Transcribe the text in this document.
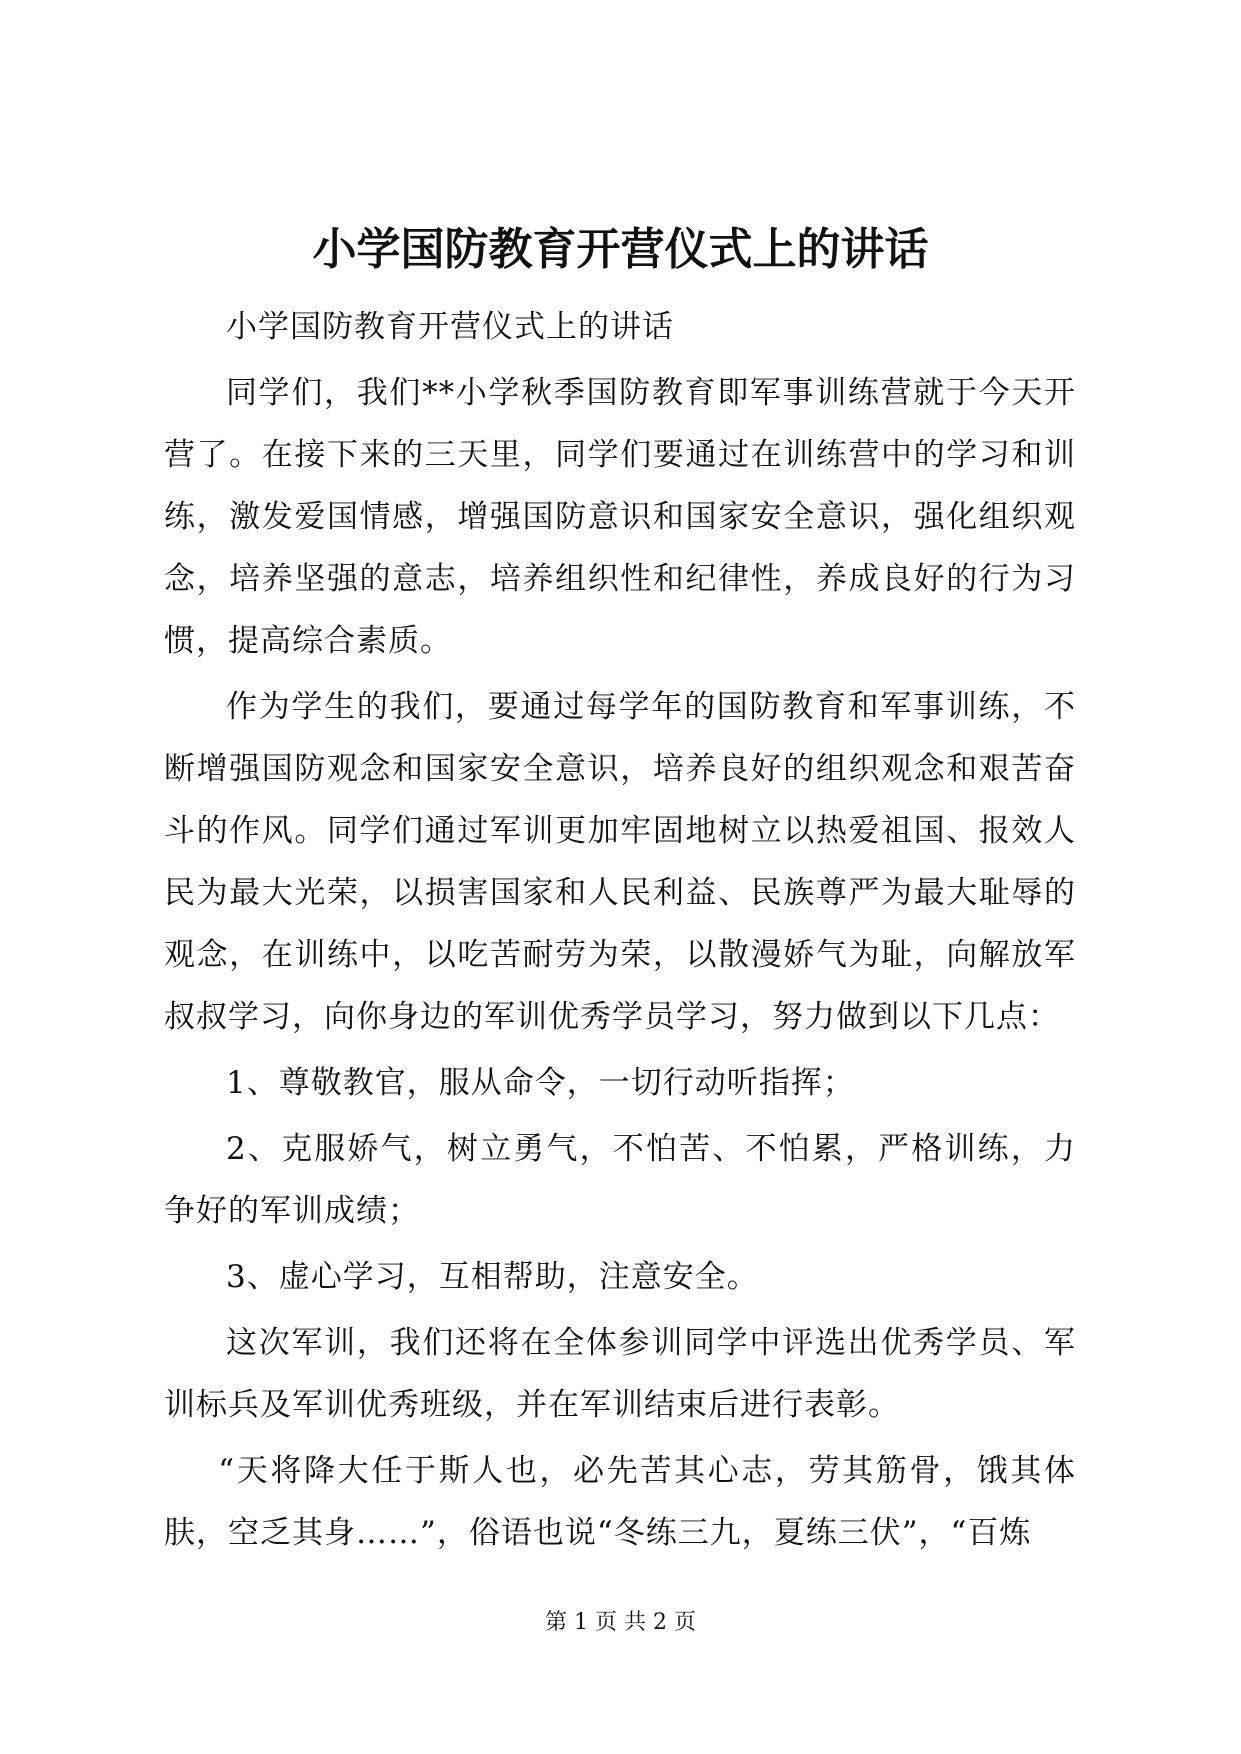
小学国防教育开营仪式上的讲话

小学国防教育开营仪式上的讲话

同学们，我们**小学秋季国防教育即军事训练营就于今天开营了。在接下来的三天里，同学们要通过在训练营中的学习和训练，激发爱国情感，增强国防意识和国家安全意识，强化组织观念，培养坚强的意志，培养组织性和纪律性，养成良好的行为习惯，提高综合素质。

作为学生的我们，要通过每学年的国防教育和军事训练，不断增强国防观念和国家安全意识，培养良好的组织观念和艰苦奋斗的作风。同学们通过军训更加牢固地树立以热爱祖国、报效人民为最大光荣，以损害国家和人民利益、民族尊严为最大耻辱的观念，在训练中，以吃苦耐劳为荣，以散漫娇气为耻，向解放军叔叔学习，向你身边的军训优秀学员学习，努力做到以下几点：

1、尊敬教官，服从命令，一切行动听指挥；

2、克服娇气，树立勇气，不怕苦、不怕累，严格训练，力争好的军训成绩；

3、虚心学习，互相帮助，注意安全。

这次军训，我们还将在全体参训同学中评选出优秀学员、军训标兵及军训优秀班级，并在军训结束后进行表彰。

“天将降大任于斯人也，必先苦其心志，劳其筋骨，饿其体肤，空乏其身……”，俗语也说“冬练三九，夏练三伏”，“百炼

第 1 页 共 2 页
